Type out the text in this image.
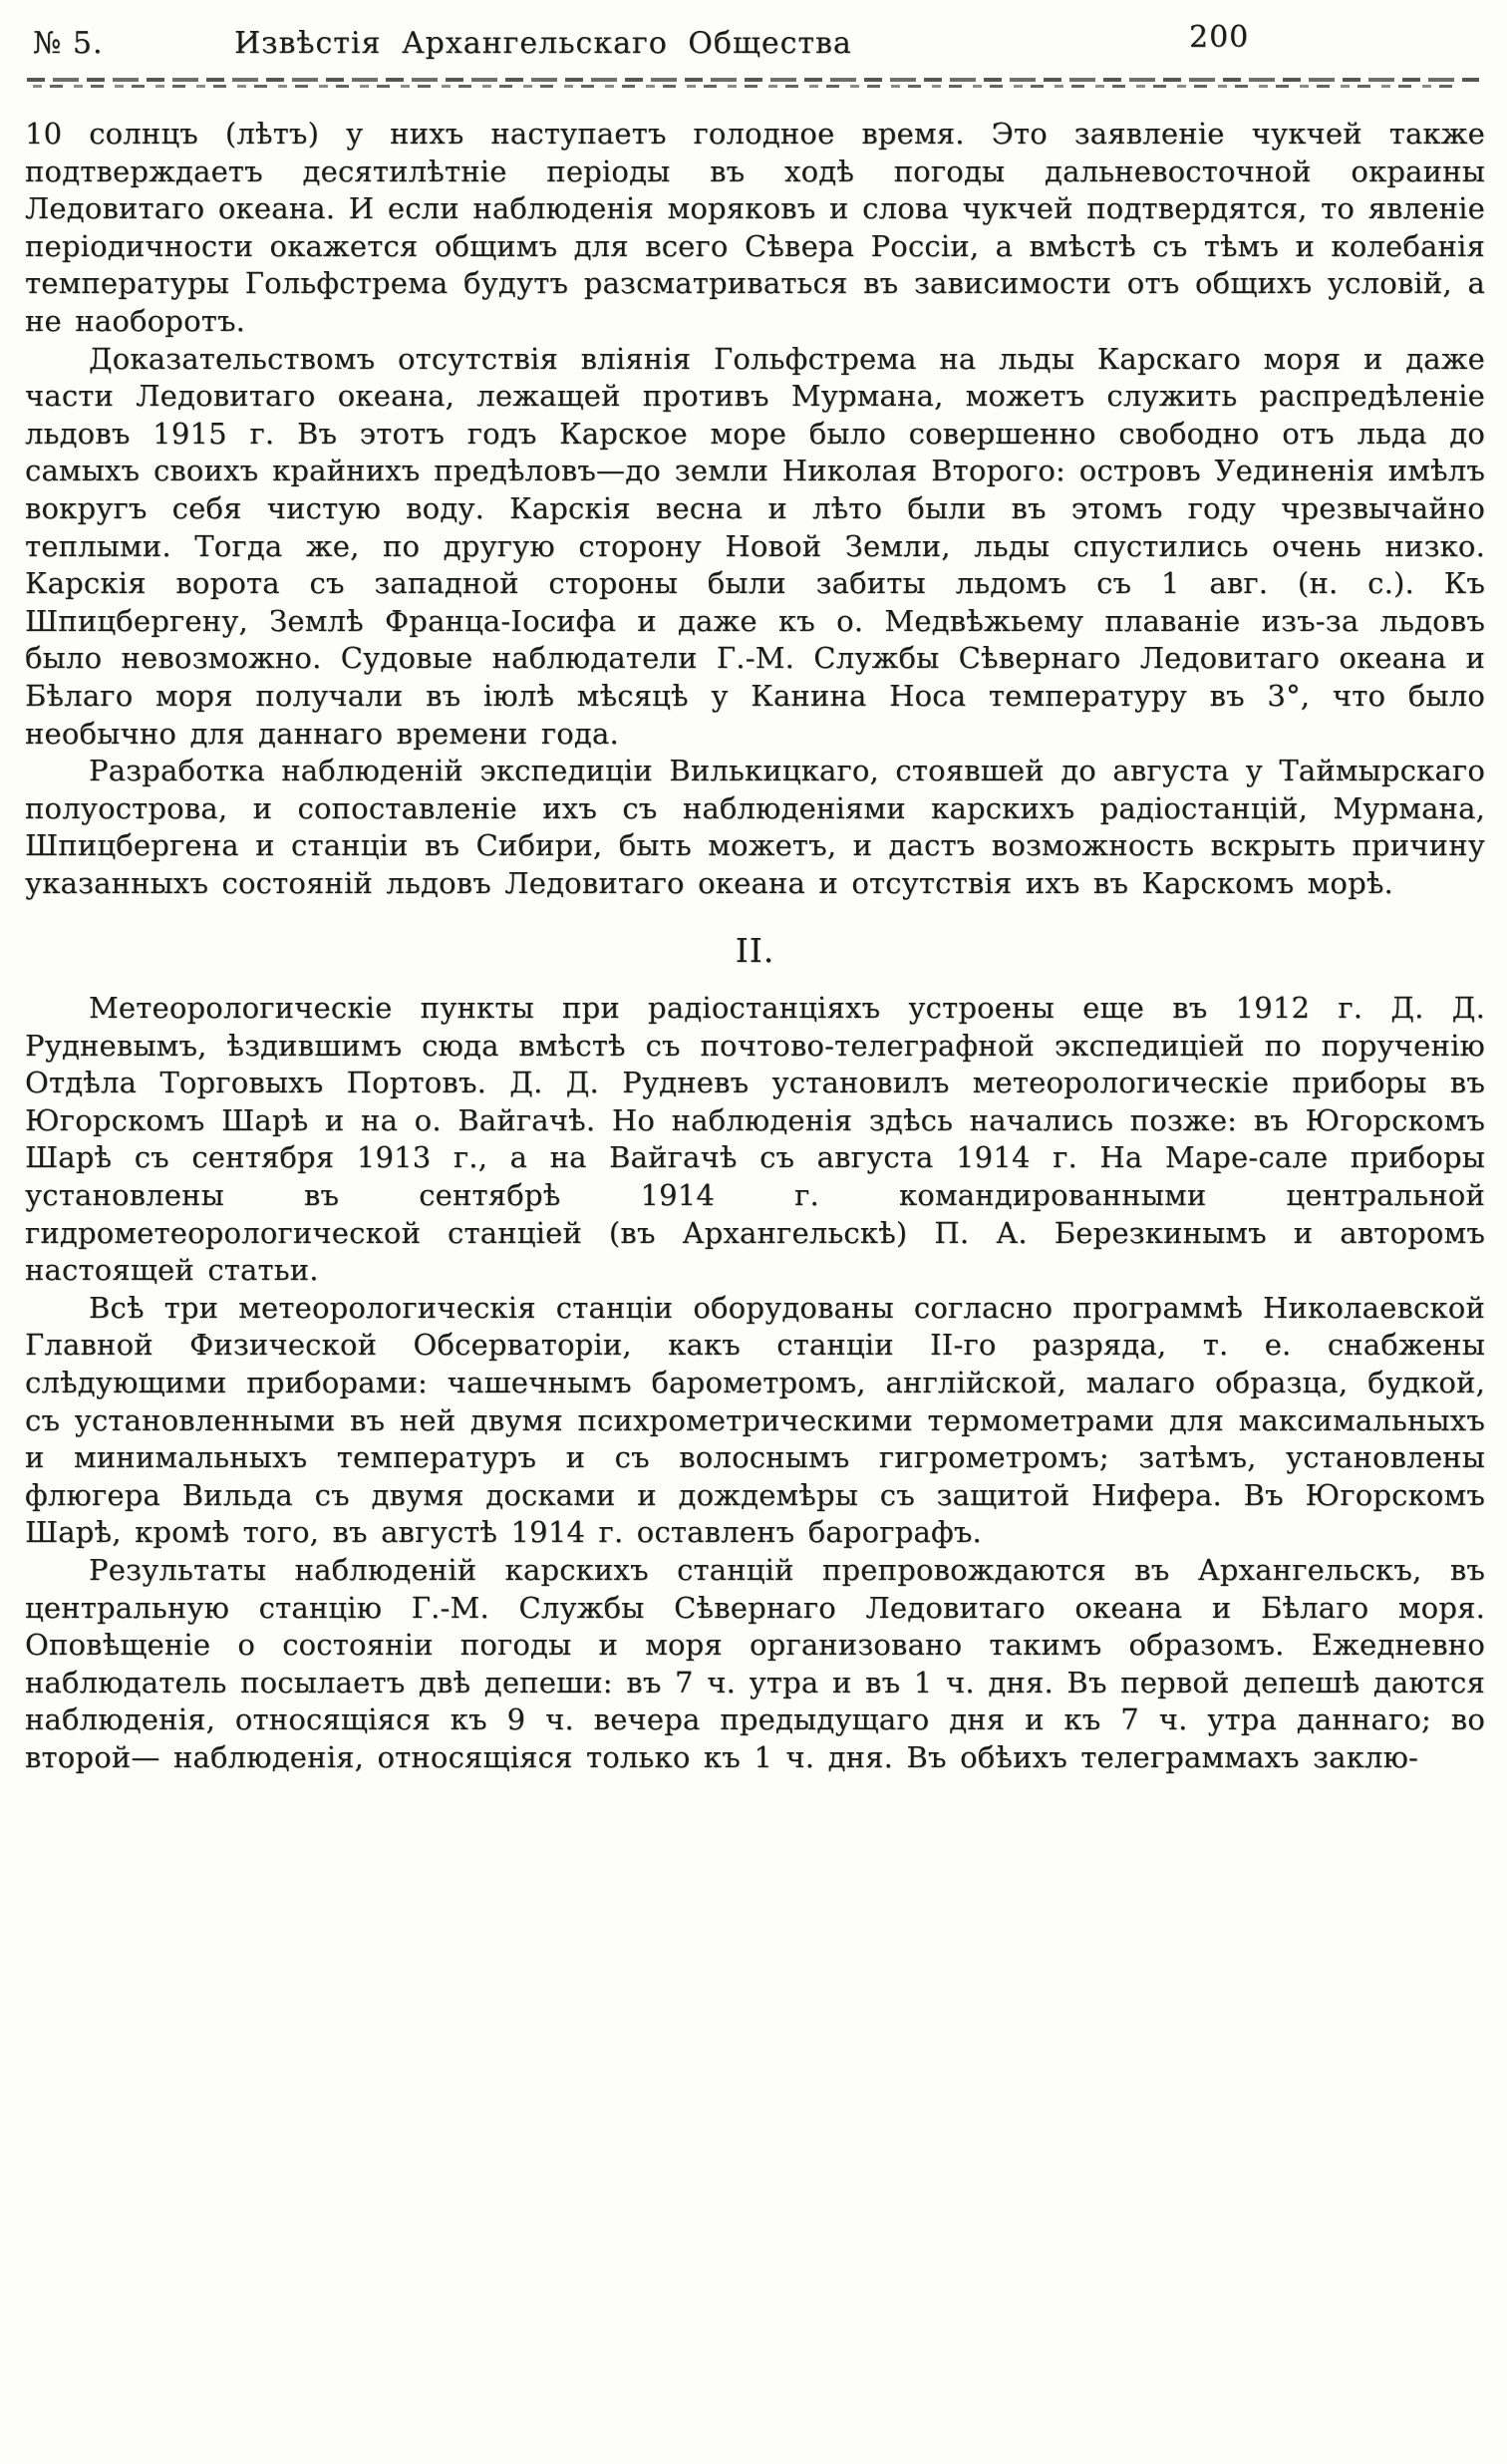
№ 5.	Извѣстія Архангельскаго Общества	200

10 солнцъ (лѣтъ) у нихъ наступаетъ голодное время. Это заявленіе чукчей также подтверждаетъ десятилѣтніе періоды въ ходѣ погоды дальневосточной окраины Ледовитаго океана. И если наблюденія моряковъ и слова чукчей подтвердятся, то явленіе періодичности окажется общимъ для всего Сѣвера Россіи, а вмѣстѣ съ тѣмъ и колебанія температуры Гольфстрема будутъ разсматриваться въ зависимости отъ общихъ условій, а не наоборотъ.

Доказательствомъ отсутствія вліянія Гольфстрема на льды Карскаго моря и даже части Ледовитаго океана, лежащей противъ Мурмана, можетъ служить распредѣленіе льдовъ 1915 г. Въ этотъ годъ Карское море было совершенно свободно отъ льда до самыхъ своихъ крайнихъ предѣловъ—до земли Николая Второго: островъ Уединенія имѣлъ вокругъ себя чистую воду. Карскія весна и лѣто были въ этомъ году чрезвычайно теплыми. Тогда же, по другую сторону Новой Земли, льды спустились очень низко. Карскія ворота съ западной стороны были забиты льдомъ съ 1 авг. (н. с.). Къ Шпицбергену, Землѣ Франца-Іосифа и даже къ о. Медвѣжьему плаваніе изъ-за льдовъ было невозможно. Судовые наблюдатели Г.-М. Службы Сѣвернаго Ледовитаго океана и Бѣлаго моря получали въ іюлѣ мѣсяцѣ у Канина Носа температуру въ 3°, что было необычно для даннаго времени года.

Разработка наблюденій экспедиціи Вилькицкаго, стоявшей до августа у Таймырскаго полуострова, и сопоставленіе ихъ съ наблюденіями карскихъ радіостанцій, Мурмана, Шпицбергена и станціи въ Сибири, быть можетъ, и дастъ возможность вскрыть причину указанныхъ состояній льдовъ Ледовитаго океана и отсутствія ихъ въ Карскомъ морѣ.

II.

Метеорологическіе пункты при радіостанціяхъ устроены еще въ 1912 г. Д. Д. Рудневымъ, ѣздившимъ сюда вмѣстѣ съ почтово-телеграфной экспедиціей по порученію Отдѣла Торговыхъ Портовъ. Д. Д. Рудневъ установилъ метеорологическіе приборы въ Югорскомъ Шарѣ и на о. Вайгачѣ. Но наблюденія здѣсь начались позже: въ Югорскомъ Шарѣ съ сентября 1913 г., а на Вайгачѣ съ августа 1914 г. На Маре-сале приборы установлены въ сентябрѣ 1914 г. командированными центральной гидрометеорологической станціей (въ Архангельскѣ) П. А. Березкинымъ и авторомъ настоящей статьи.

Всѣ три метеорологическія станціи оборудованы согласно программѣ Николаевской Главной Физической Обсерваторіи, какъ станціи II-го разряда, т. е. снабжены слѣдующими приборами: чашечнымъ барометромъ, англійской, малаго образца, будкой, съ установленными въ ней двумя психрометрическими термометрами для максимальныхъ и минимальныхъ температуръ и съ волоснымъ гигрометромъ; затѣмъ, установлены флюгера Вильда съ двумя досками и дождемѣры съ защитой Нифера. Въ Югорскомъ Шарѣ, кромѣ того, въ августѣ 1914 г. оставленъ барографъ.

Результаты наблюденій карскихъ станцій препровождаются въ Архангельскъ, въ центральную станцію Г.-М. Службы Сѣвернаго Ледовитаго океана и Бѣлаго моря. Оповѣщеніе о состояніи погоды и моря организовано такимъ образомъ. Ежедневно наблюдатель посылаетъ двѣ депеши: въ 7 ч. утра и въ 1 ч. дня. Въ первой депешѣ даются наблюденія, относящіяся къ 9 ч. вечера предыдущаго дня и къ 7 ч. утра даннаго; во второй— наблюденія, относящіяся только къ 1 ч. дня. Въ обѣихъ телеграммахъ заклю-
